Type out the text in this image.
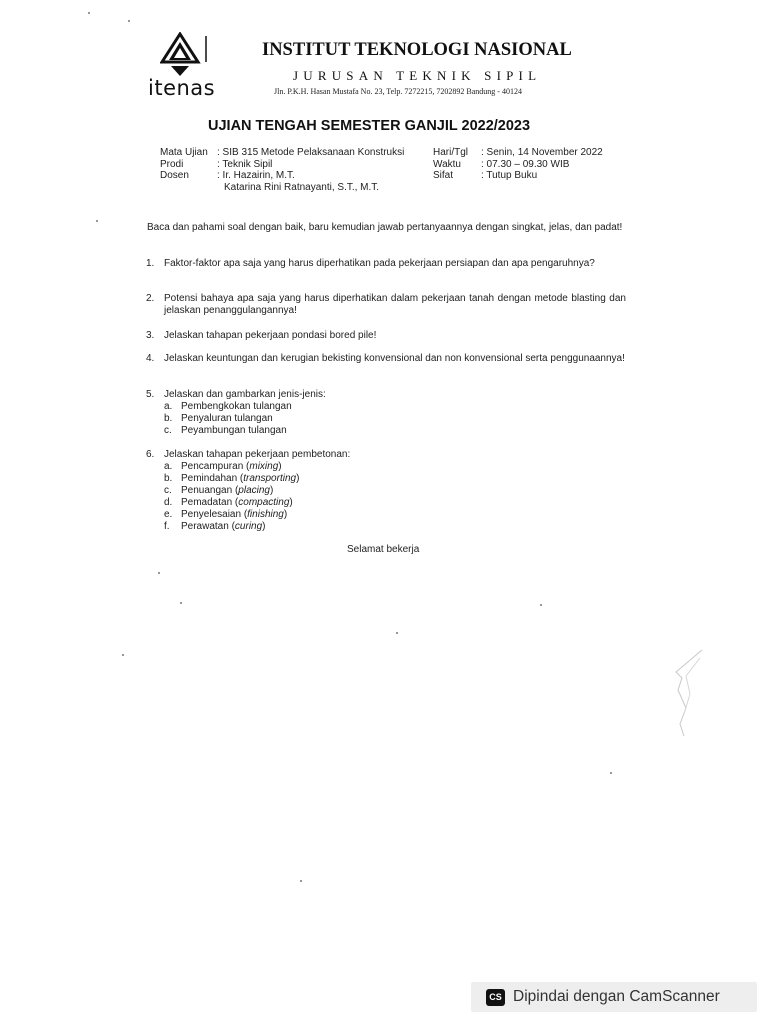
itenas
INSTITUT TEKNOLOGI NASIONAL
JURUSAN TEKNIK SIPIL
Jln. P.K.H. Hasan Mustafa No. 23, Telp. 7272215, 7202892 Bandung - 40124
UJIAN TENGAH SEMESTER GANJIL 2022/2023
Mata Ujian
Prodi
Dosen
: SIB 315 Metode Pelaksanaan Konstruksi
: Teknik Sipil
: Ir. Hazairin, M.T.
Katarina Rini Ratnayanti, S.T., M.T.
Hari/Tgl
Waktu
Sifat
: Senin, 14 November 2022
: 07.30 – 09.30 WIB
: Tutup Buku
Baca dan pahami soal dengan baik, baru kemudian jawab pertanyaannya dengan singkat, jelas, dan padat!
1. Faktor-faktor apa saja yang harus diperhatikan pada pekerjaan persiapan dan apa pengaruhnya?
2. Potensi bahaya apa saja yang harus diperhatikan dalam pekerjaan tanah dengan metode blasting dan jelaskan penanggulangannya!
3. Jelaskan tahapan pekerjaan pondasi bored pile!
4. Jelaskan keuntungan dan kerugian bekisting konvensional dan non konvensional serta penggunaannya!
5. Jelaskan dan gambarkan jenis-jenis:
a. Pembengkokan tulangan
b. Penyaluran tulangan
c. Peyambungan tulangan
6. Jelaskan tahapan pekerjaan pembetonan:
a. Pencampuran ( mixing )
b. Pemindahan ( transporting )
c. Penuangan ( placing )
d. Pemadatan ( compacting )
e. Penyelesaian ( finishing )
f.	Perawatan ( curing )
Selamat bekerja
CS Dipindai dengan CamScanner
